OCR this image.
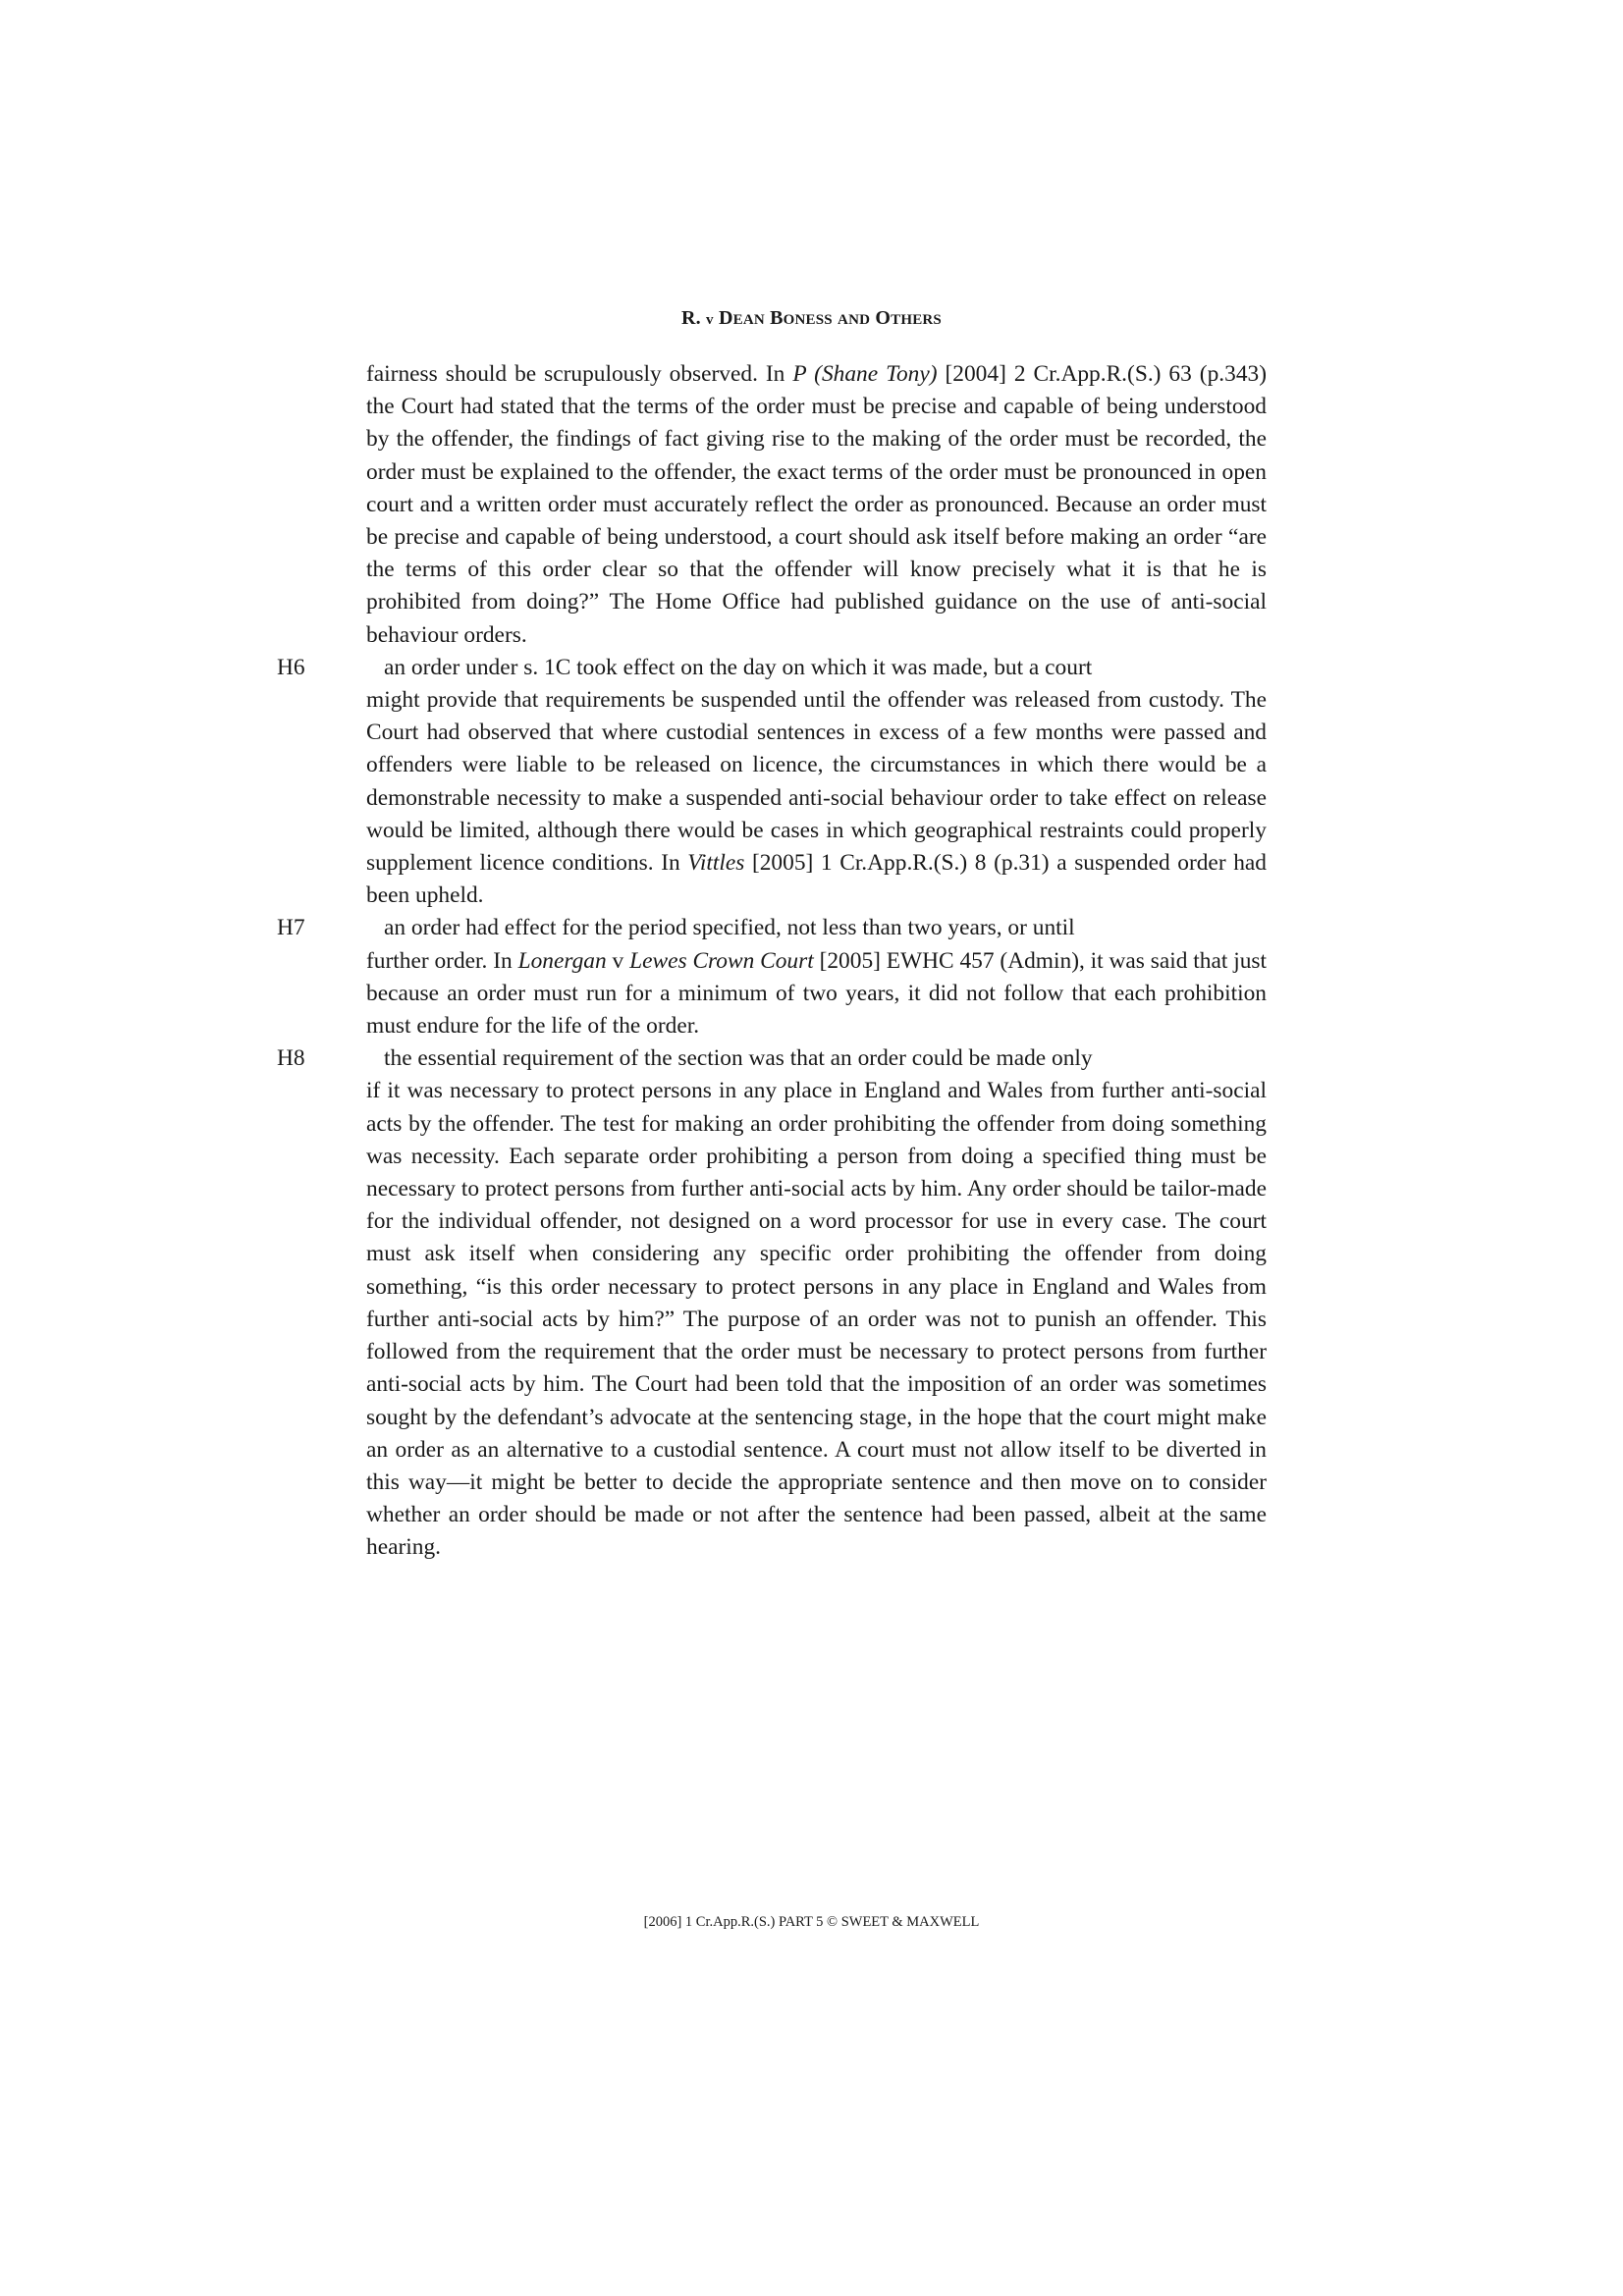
R. v DEAN BONESS AND OTHERS

fairness should be scrupulously observed. In P (Shane Tony) [2004] 2 Cr.App.R.(S.) 63 (p.343) the Court had stated that the terms of the order must be precise and capable of being understood by the offender, the findings of fact giving rise to the making of the order must be recorded, the order must be explained to the offender, the exact terms of the order must be pronounced in open court and a written order must accurately reflect the order as pronounced. Because an order must be precise and capable of being understood, a court should ask itself before making an order “are the terms of this order clear so that the offender will know precisely what it is that he is prohibited from doing?” The Home Office had published guidance on the use of anti-social behaviour orders.

H6	an order under s. 1C took effect on the day on which it was made, but a court
might provide that requirements be suspended until the offender was released from custody. The Court had observed that where custodial sentences in excess of a few months were passed and offenders were liable to be released on licence, the circumstances in which there would be a demonstrable necessity to make a suspended anti-social behaviour order to take effect on release would be limited, although there would be cases in which geographical restraints could properly supplement licence conditions. In Vittles [2005] 1 Cr.App.R.(S.) 8 (p.31) a suspended order had been upheld.
H7	an order had effect for the period specified, not less than two years, or until
further order. In Lonergan v Lewes Crown Court [2005] EWHC 457 (Admin), it was said that just because an order must run for a minimum of two years, it did not follow that each prohibition must endure for the life of the order.
H8	the essential requirement of the section was that an order could be made only
if it was necessary to protect persons in any place in England and Wales from further anti-social acts by the offender. The test for making an order prohibiting the offender from doing something was necessity. Each separate order prohibiting a person from doing a specified thing must be necessary to protect persons from further anti-social acts by him. Any order should be tailor-made for the individual offender, not designed on a word processor for use in every case. The court must ask itself when considering any specific order prohibiting the offender from doing something, “is this order necessary to protect persons in any place in England and Wales from further anti-social acts by him?” The purpose of an order was not to punish an offender. This followed from the requirement that the order must be necessary to protect persons from further anti-social acts by him. The Court had been told that the imposition of an order was sometimes sought by the defendant’s advocate at the sentencing stage, in the hope that the court might make an order as an alternative to a custodial sentence. A court must not allow itself to be diverted in this way—it might be better to decide the appropriate sentence and then move on to consider whether an order should be made or not after the sentence had been passed, albeit at the same hearing.
[2006] 1 Cr.App.R.(S.) PART 5 © SWEET & MAXWELL
